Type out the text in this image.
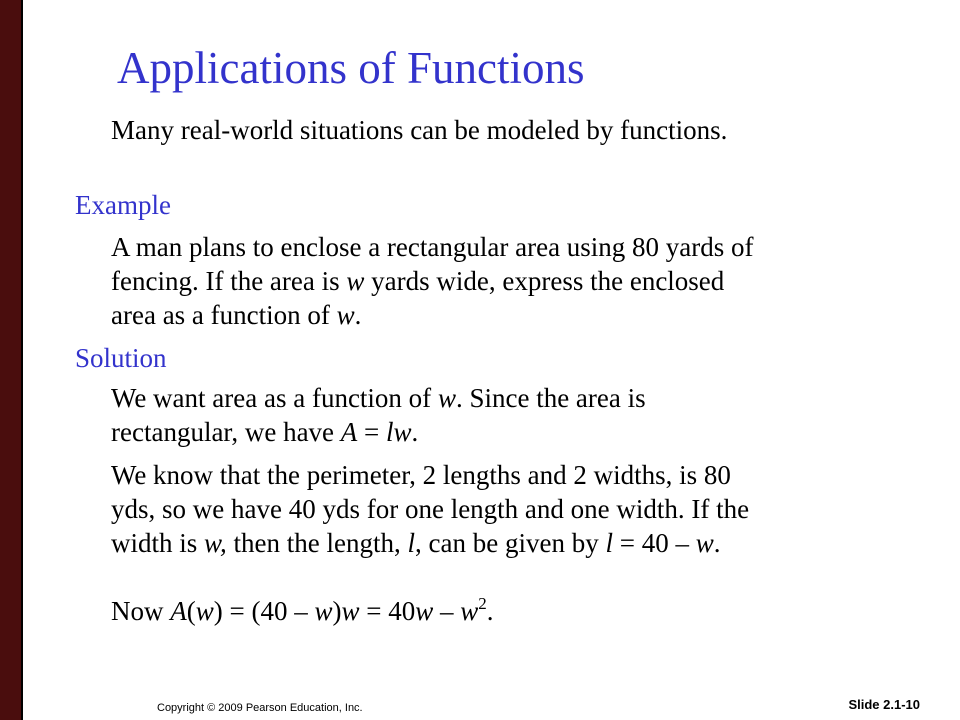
Applications of Functions
Many real-world situations can be modeled by functions.
Example
A man plans to enclose a rectangular area using 80 yards of
fencing. If the area is w yards wide, express the enclosed
area as a function of w.
Solution
We want area as a function of w. Since the area is
rectangular, we have A = lw.
We know that the perimeter, 2 lengths and 2 widths, is 80
yds, so we have 40 yds for one length and one width. If the
width is w, then the length, l, can be given by l = 40 – w.
Now $A(w) = (40 - w)w = 40w - w^2$.
Copyright © 2009 Pearson Education, Inc.	Slide 2.1-10
